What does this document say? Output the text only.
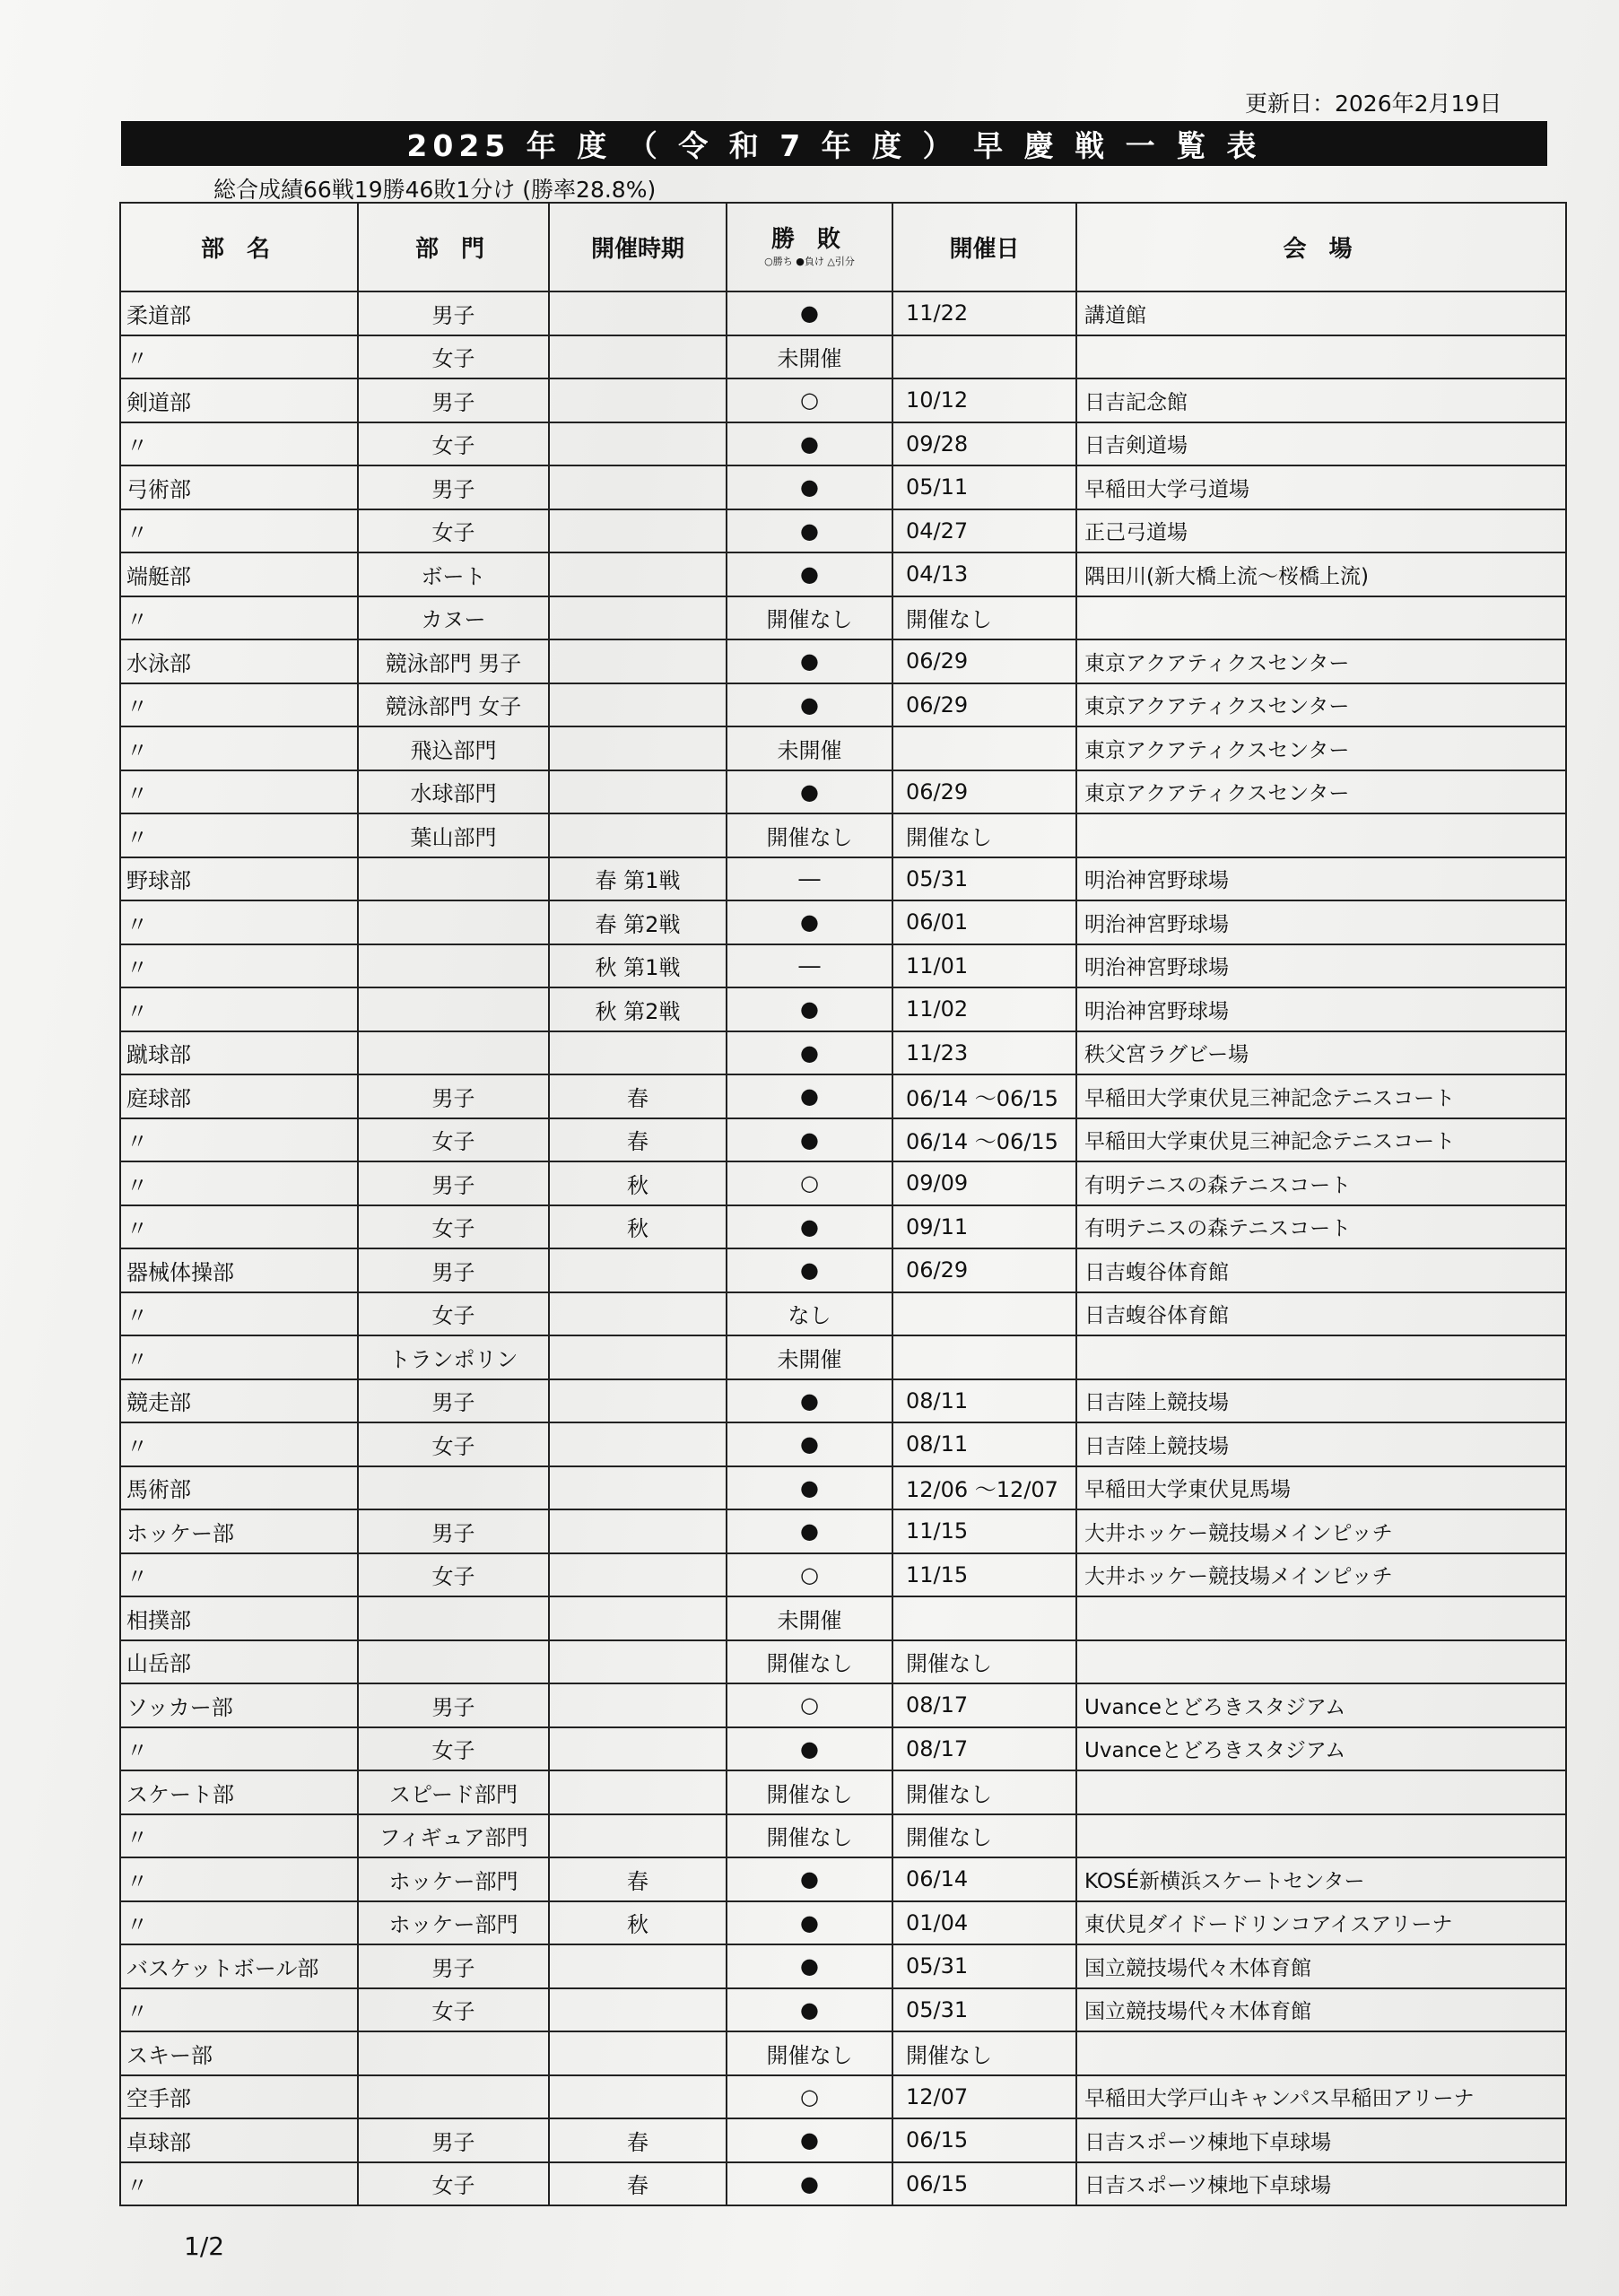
更新日：2026年2月19日
2025 年 度 （ 令 和 7 年 度 ） 早 慶 戦 一 覧 表
総合成績66戦19勝46敗1分け (勝率28.8%)
部 名	部 門	開催時期	勝 敗
○勝ち ●負け △引分	開催日	会 場
柔道部	男子		●	11/22	講道館
〃	女子		未開催		
剣道部	男子		○	10/12	日吉記念館
〃	女子		●	09/28	日吉剣道場
弓術部	男子		●	05/11	早稲田大学弓道場
〃	女子		●	04/27	正己弓道場
端艇部	ボート		●	04/13	隅田川(新大橋上流～桜橋上流)
〃	カヌー		開催なし	開催なし	
水泳部	競泳部門 男子		●	06/29	東京アクアティクスセンター
〃	競泳部門 女子		●	06/29	東京アクアティクスセンター
〃	飛込部門		未開催		東京アクアティクスセンター
〃	水球部門		●	06/29	東京アクアティクスセンター
〃	葉山部門		開催なし	開催なし	
野球部		春 第1戦	―	05/31	明治神宮野球場
〃		春 第2戦	●	06/01	明治神宮野球場
〃		秋 第1戦	―	11/01	明治神宮野球場
〃		秋 第2戦	●	11/02	明治神宮野球場
蹴球部			●	11/23	秩父宮ラグビー場
庭球部	男子	春	●	06/14 ～06/15	早稲田大学東伏見三神記念テニスコート
〃	女子	春	●	06/14 ～06/15	早稲田大学東伏見三神記念テニスコート
〃	男子	秋	○	09/09	有明テニスの森テニスコート
〃	女子	秋	●	09/11	有明テニスの森テニスコート
器械体操部	男子		●	06/29	日吉蝮谷体育館
〃	女子		なし		日吉蝮谷体育館
〃	トランポリン		未開催		
競走部	男子		●	08/11	日吉陸上競技場
〃	女子		●	08/11	日吉陸上競技場
馬術部			●	12/06 ～12/07	早稲田大学東伏見馬場
ホッケー部	男子		●	11/15	大井ホッケー競技場メインピッチ
〃	女子		○	11/15	大井ホッケー競技場メインピッチ
相撲部			未開催		
山岳部			開催なし	開催なし	
ソッカー部	男子		○	08/17	Uvanceとどろきスタジアム
〃	女子		●	08/17	Uvanceとどろきスタジアム
スケート部	スピード部門		開催なし	開催なし	
〃	フィギュア部門		開催なし	開催なし	
〃	ホッケー部門	春	●	06/14	KOSÉ新横浜スケートセンター
〃	ホッケー部門	秋	●	01/04	東伏見ダイドードリンコアイスアリーナ
バスケットボール部	男子		●	05/31	国立競技場代々木体育館
〃	女子		●	05/31	国立競技場代々木体育館
スキー部			開催なし	開催なし	
空手部			○	12/07	早稲田大学戸山キャンパス早稲田アリーナ
卓球部	男子	春	●	06/15	日吉スポーツ棟地下卓球場
〃	女子	春	●	06/15	日吉スポーツ棟地下卓球場
1/2
